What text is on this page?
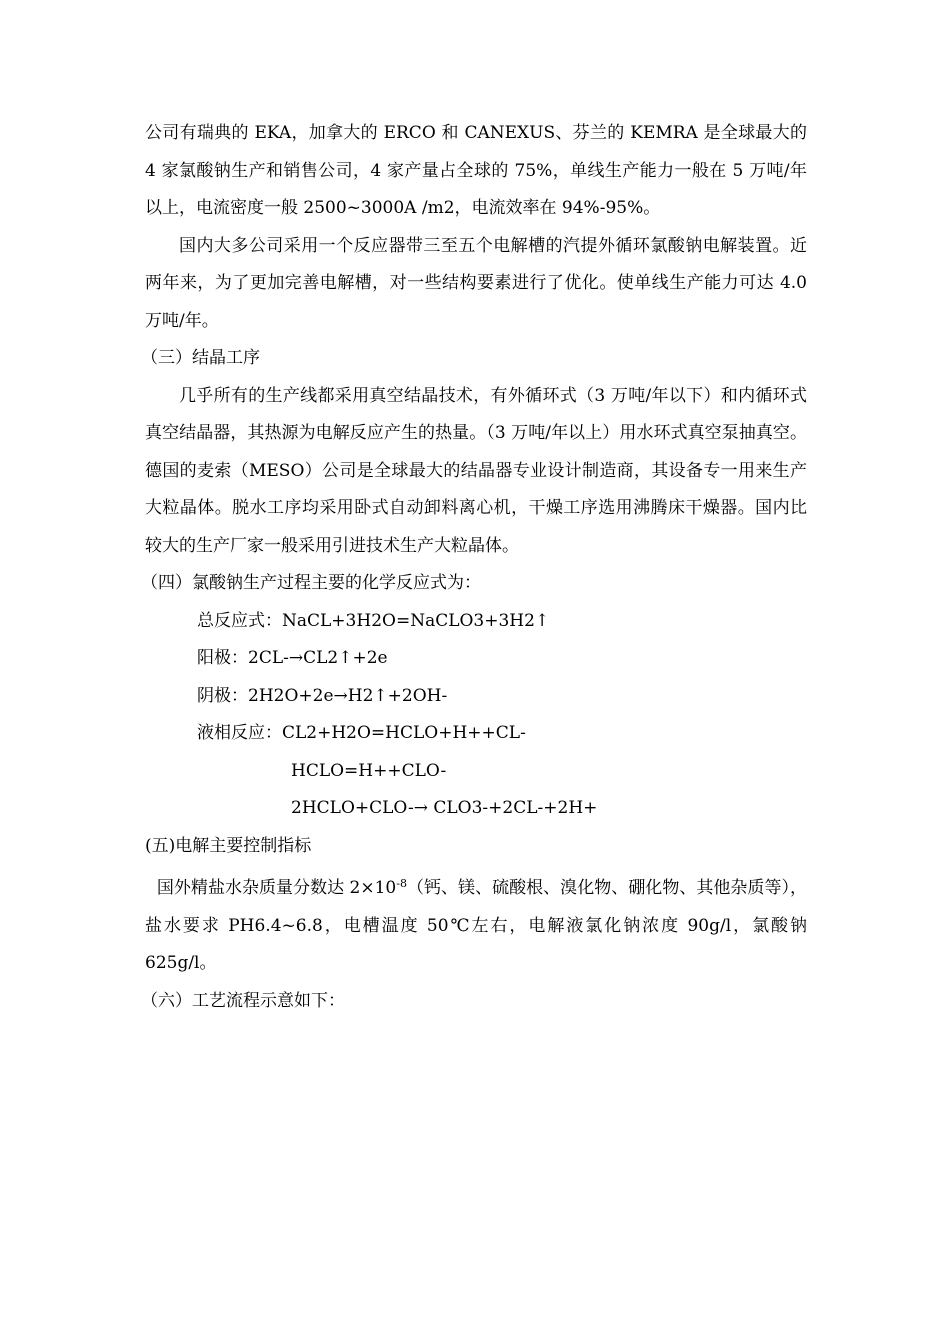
公司有瑞典的 EKA，加拿大的 ERCO 和 CANEXUS、芬兰的 KEMRA 是全球最大的 4 家氯酸钠生产和销售公司，4 家产量占全球的 75%，单线生产能力一般在 5 万吨/年以上，电流密度一般 2500~3000A /m2，电流效率在 94%-95%。

国内大多公司采用一个反应器带三至五个电解槽的汽提外循环氯酸钠电解装置。近两年来，为了更加完善电解槽，对一些结构要素进行了优化。使单线生产能力可达 4.0 万吨/年。

（三）结晶工序

几乎所有的生产线都采用真空结晶技术，有外循环式（3 万吨/年以下）和内循环式真空结晶器，其热源为电解反应产生的热量。（3 万吨/年以上）用水环式真空泵抽真空。德国的麦索（MESO）公司是全球最大的结晶器专业设计制造商，其设备专一用来生产大粒晶体。脱水工序均采用卧式自动卸料离心机，干燥工序选用沸腾床干燥器。国内比较大的生产厂家一般采用引进技术生产大粒晶体。

（四）氯酸钠生产过程主要的化学反应式为：

总反应式：NaCL+3H2O=NaCLO3+3H2↑

阳极：2CL-→CL2↑+2e

阴极：2H2O+2e→H2↑+2OH-

液相反应：CL2+H2O=HCLO+H++CL-

HCLO=H++CLO-

2HCLO+CLO-→ CLO3-+2CL-+2H+

(五)电解主要控制指标

国外精盐水杂质量分数达 $2\times 10^{-8}$（钙、镁、硫酸根、溴化物、硼化物、其他杂质等），盐水要求 PH6.4~6.8，电槽温度 50℃左右，电解液氯化钠浓度 90g/l，氯酸钠 625g/l。

（六）工艺流程示意如下：
